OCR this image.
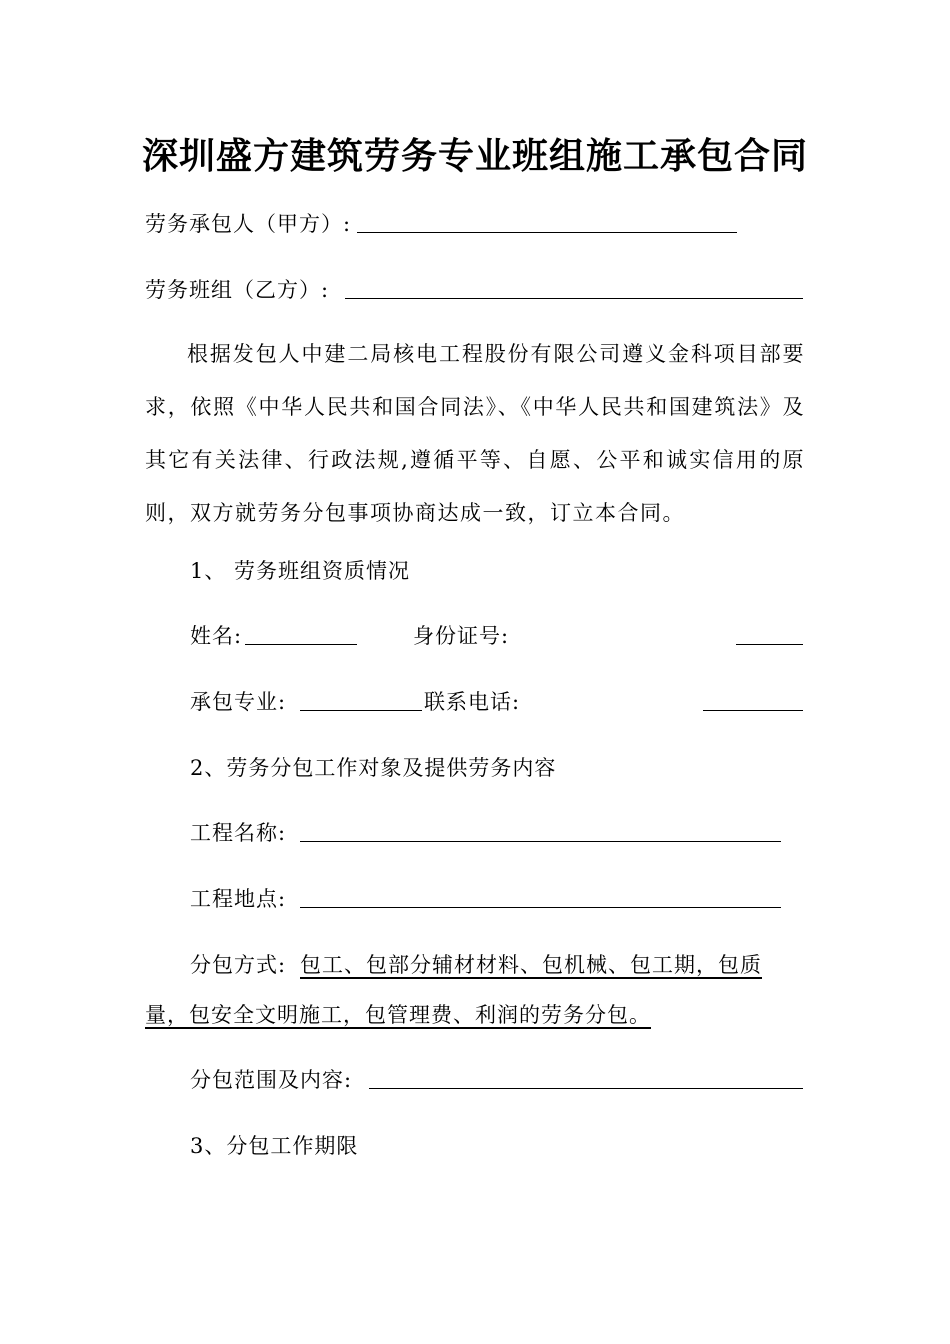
深圳盛方建筑劳务专业班组施工承包合同
劳务承包人（甲方）:
劳务班组（乙方）:

根据发包人中建二局核电工程股份有限公司遵义金科项目部要求，依照《中华人民共和国合同法》、《中华人民共和国建筑法》及其它有关法律、行政法规,遵循平等、自愿、公平和诚实信用的原则，双方就劳务分包事项协商达成一致，订立本合同。

1、 劳务班组资质情况
姓名:	身份证号:
承包专业:	联系电话:
2、劳务分包工作对象及提供劳务内容
工程名称:
工程地点:
分包方式: 包工、包部分辅材材料、包机械、包工期，包质
量，包安全文明施工，包管理费、利润的劳务分包。
分包范围及内容:
3、分包工作期限
